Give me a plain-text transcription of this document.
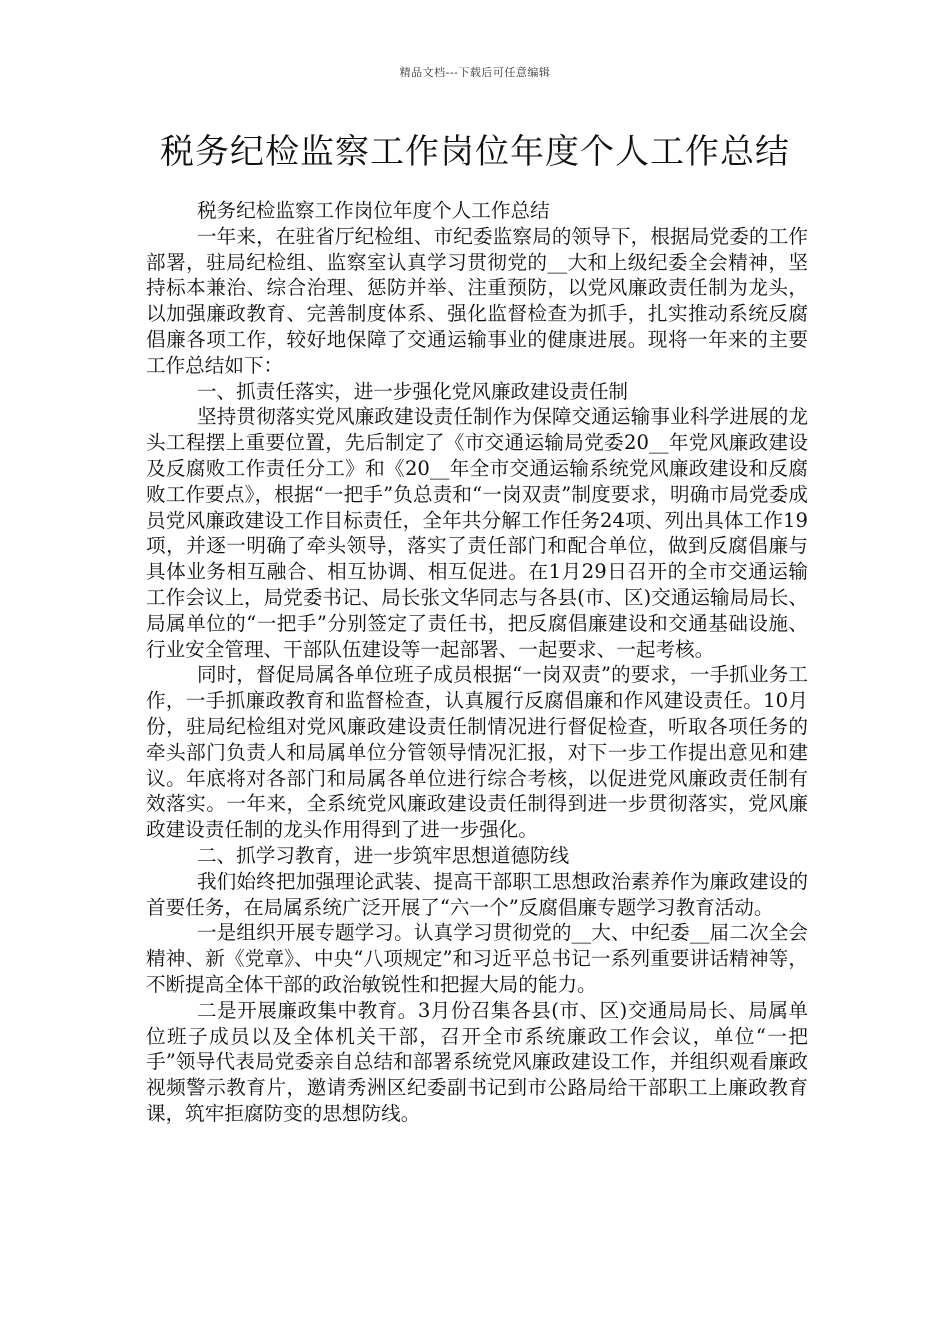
精品文档---下载后可任意编辑
税务纪检监察工作岗位年度个人工作总结

税务纪检监察工作岗位年度个人工作总结

一年来，在驻省厅纪检组、市纪委监察局的领导下，根据局党委的工作部署，驻局纪检组、监察室认真学习贯彻党的__大和上级纪委全会精神，坚持标本兼治、综合治理、惩防并举、注重预防，以党风廉政责任制为龙头，以加强廉政教育、完善制度体系、强化监督检查为抓手，扎实推动系统反腐倡廉各项工作，较好地保障了交通运输事业的健康进展。现将一年来的主要工作总结如下：

一、抓责任落实，进一步强化党风廉政建设责任制

坚持贯彻落实党风廉政建设责任制作为保障交通运输事业科学进展的龙头工程摆上重要位置，先后制定了《市交通运输局党委20__年党风廉政建设及反腐败工作责任分工》和《20__年全市交通运输系统党风廉政建设和反腐败工作要点》，根据“一把手”负总责和“一岗双责”制度要求，明确市局党委成员党风廉政建设工作目标责任，全年共分解工作任务24项、列出具体工作19项，并逐一明确了牵头领导，落实了责任部门和配合单位，做到反腐倡廉与具体业务相互融合、相互协调、相互促进。在1月29日召开的全市交通运输工作会议上，局党委书记、局长张文华同志与各县(市、区)交通运输局局长、局属单位的“一把手”分别签定了责任书，把反腐倡廉建设和交通基础设施、行业安全管理、干部队伍建设等一起部署、一起要求、一起考核。

同时，督促局属各单位班子成员根据“一岗双责”的要求，一手抓业务工作，一手抓廉政教育和监督检查，认真履行反腐倡廉和作风建设责任。10月份，驻局纪检组对党风廉政建设责任制情况进行督促检查，听取各项任务的牵头部门负责人和局属单位分管领导情况汇报，对下一步工作提出意见和建议。年底将对各部门和局属各单位进行综合考核，以促进党风廉政责任制有效落实。一年来，全系统党风廉政建设责任制得到进一步贯彻落实，党风廉政建设责任制的龙头作用得到了进一步强化。

二、抓学习教育，进一步筑牢思想道德防线

我们始终把加强理论武装、提高干部职工思想政治素养作为廉政建设的首要任务，在局属系统广泛开展了“六一个”反腐倡廉专题学习教育活动。

一是组织开展专题学习。认真学习贯彻党的__大、中纪委__届二次全会精神、新《党章》、中央“八项规定”和习近平总书记一系列重要讲话精神等，不断提高全体干部的政治敏锐性和把握大局的能力。

二是开展廉政集中教育。3月份召集各县(市、区)交通局局长、局属单位班子成员以及全体机关干部，召开全市系统廉政工作会议，单位“一把手”领导代表局党委亲自总结和部署系统党风廉政建设工作，并组织观看廉政视频警示教育片，邀请秀洲区纪委副书记到市公路局给干部职工上廉政教育课，筑牢拒腐防变的思想防线。
